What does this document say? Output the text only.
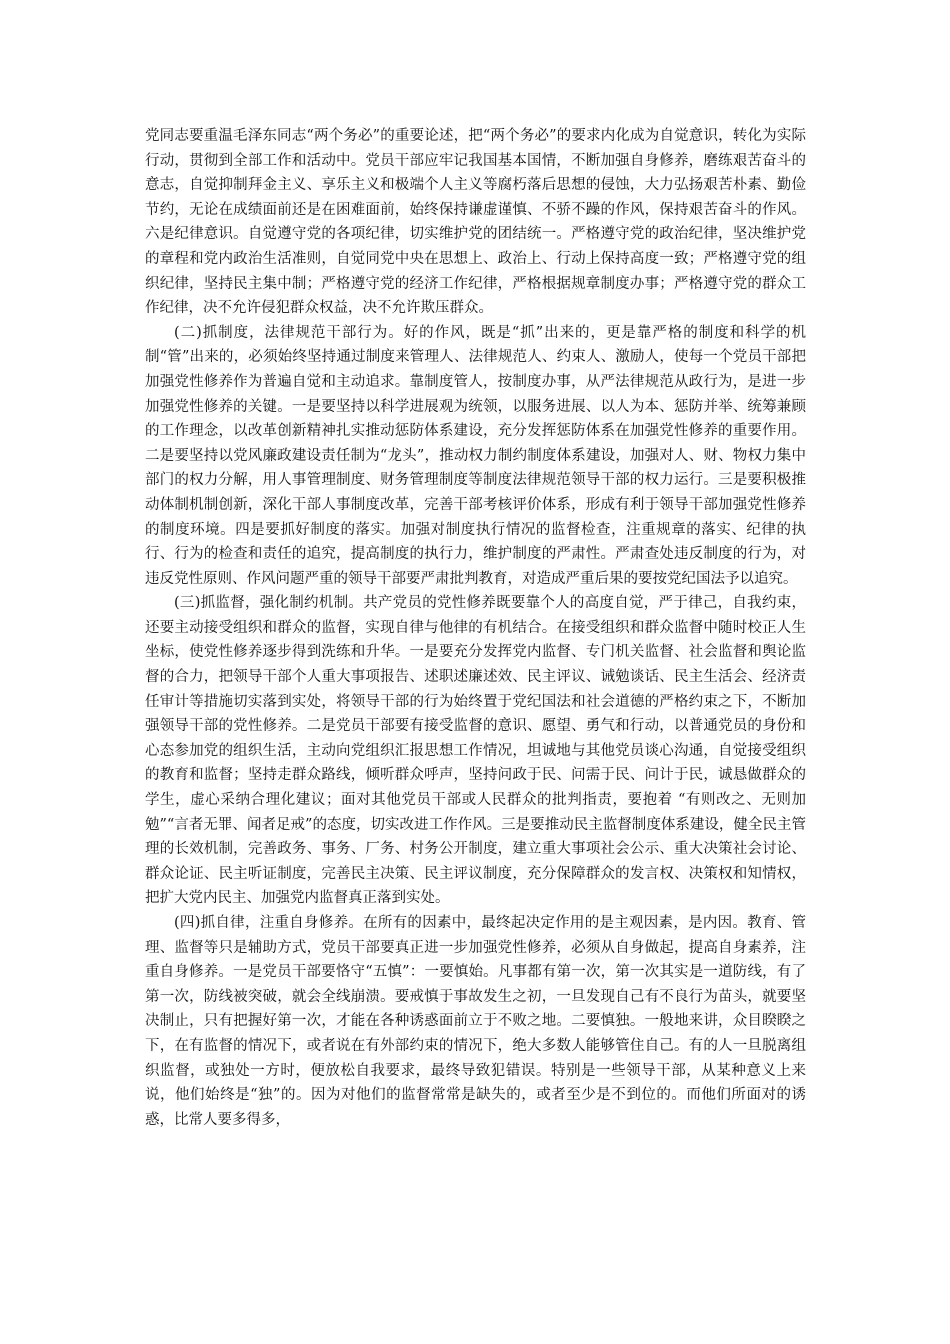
党同志要重温毛泽东同志“两个务必”的重要论述，把“两个务必”的要求内化成为自觉意识，转化为实际行动，贯彻到全部工作和活动中。党员干部应牢记我国基本国情，不断加强自身修养，磨练艰苦奋斗的意志，自觉抑制拜金主义、享乐主义和极端个人主义等腐朽落后思想的侵蚀，大力弘扬艰苦朴素、勤俭节约，无论在成绩面前还是在困难面前，始终保持谦虚谨慎、不骄不躁的作风，保持艰苦奋斗的作风。六是纪律意识。自觉遵守党的各项纪律，切实维护党的团结统一。严格遵守党的政治纪律，坚决维护党的章程和党内政治生活准则，自觉同党中央在思想上、政治上、行动上保持高度一致；严格遵守党的组织纪律，坚持民主集中制；严格遵守党的经济工作纪律，严格根据规章制度办事；严格遵守党的群众工作纪律，决不允许侵犯群众权益，决不允许欺压群众。

(二)抓制度，法律规范干部行为。好的作风，既是“抓”出来的，更是靠严格的制度和科学的机制“管”出来的，必须始终坚持通过制度来管理人、法律规范人、约束人、激励人，使每一个党员干部把加强党性修养作为普遍自觉和主动追求。靠制度管人，按制度办事，从严法律规范从政行为，是进一步加强党性修养的关键。一是要坚持以科学进展观为统领，以服务进展、以人为本、惩防并举、统筹兼顾的工作理念，以改革创新精神扎实推动惩防体系建设，充分发挥惩防体系在加强党性修养的重要作用。二是要坚持以党风廉政建设责任制为“龙头”，推动权力制约制度体系建设，加强对人、财、物权力集中部门的权力分解，用人事管理制度、财务管理制度等制度法律规范领导干部的权力运行。三是要积极推动体制机制创新，深化干部人事制度改革，完善干部考核评价体系，形成有利于领导干部加强党性修养的制度环境。四是要抓好制度的落实。加强对制度执行情况的监督检查，注重规章的落实、纪律的执行、行为的检查和责任的追究，提高制度的执行力，维护制度的严肃性。严肃查处违反制度的行为，对违反党性原则、作风问题严重的领导干部要严肃批判教育，对造成严重后果的要按党纪国法予以追究。

(三)抓监督，强化制约机制。共产党员的党性修养既要靠个人的高度自觉，严于律己，自我约束，还要主动接受组织和群众的监督，实现自律与他律的有机结合。在接受组织和群众监督中随时校正人生坐标，使党性修养逐步得到洗练和升华。一是要充分发挥党内监督、专门机关监督、社会监督和舆论监督的合力，把领导干部个人重大事项报告、述职述廉述效、民主评议、诫勉谈话、民主生活会、经济责任审计等措施切实落到实处，将领导干部的行为始终置于党纪国法和社会道德的严格约束之下，不断加强领导干部的党性修养。二是党员干部要有接受监督的意识、愿望、勇气和行动，以普通党员的身份和心态参加党的组织生活，主动向党组织汇报思想工作情况，坦诚地与其他党员谈心沟通，自觉接受组织的教育和监督；坚持走群众路线，倾听群众呼声，坚持问政于民、问需于民、问计于民，诚恳做群众的学生，虚心采纳合理化建议；面对其他党员干部或人民群众的批判指责，要抱着 “有则改之、无则加勉”“言者无罪、闻者足戒”的态度，切实改进工作作风。三是要推动民主监督制度体系建设，健全民主管理的长效机制，完善政务、事务、厂务、村务公开制度，建立重大事项社会公示、重大决策社会讨论、群众论证、民主听证制度，完善民主决策、民主评议制度，充分保障群众的发言权、决策权和知情权，把扩大党内民主、加强党内监督真正落到实处。

(四)抓自律，注重自身修养。在所有的因素中，最终起决定作用的是主观因素，是内因。教育、管理、监督等只是辅助方式，党员干部要真正进一步加强党性修养，必须从自身做起，提高自身素养，注重自身修养。一是党员干部要恪守“五慎”：一要慎始。凡事都有第一次，第一次其实是一道防线，有了第一次，防线被突破，就会全线崩溃。要戒慎于事故发生之初，一旦发现自己有不良行为苗头，就要坚决制止，只有把握好第一次，才能在各种诱惑面前立于不败之地。二要慎独。一般地来讲，众目睽睽之下，在有监督的情况下，或者说在有外部约束的情况下，绝大多数人能够管住自己。有的人一旦脱离组织监督，或独处一方时，便放松自我要求，最终导致犯错误。特别是一些领导干部，从某种意义上来说，他们始终是“独”的。因为对他们的监督常常是缺失的，或者至少是不到位的。而他们所面对的诱惑，比常人要多得多，
